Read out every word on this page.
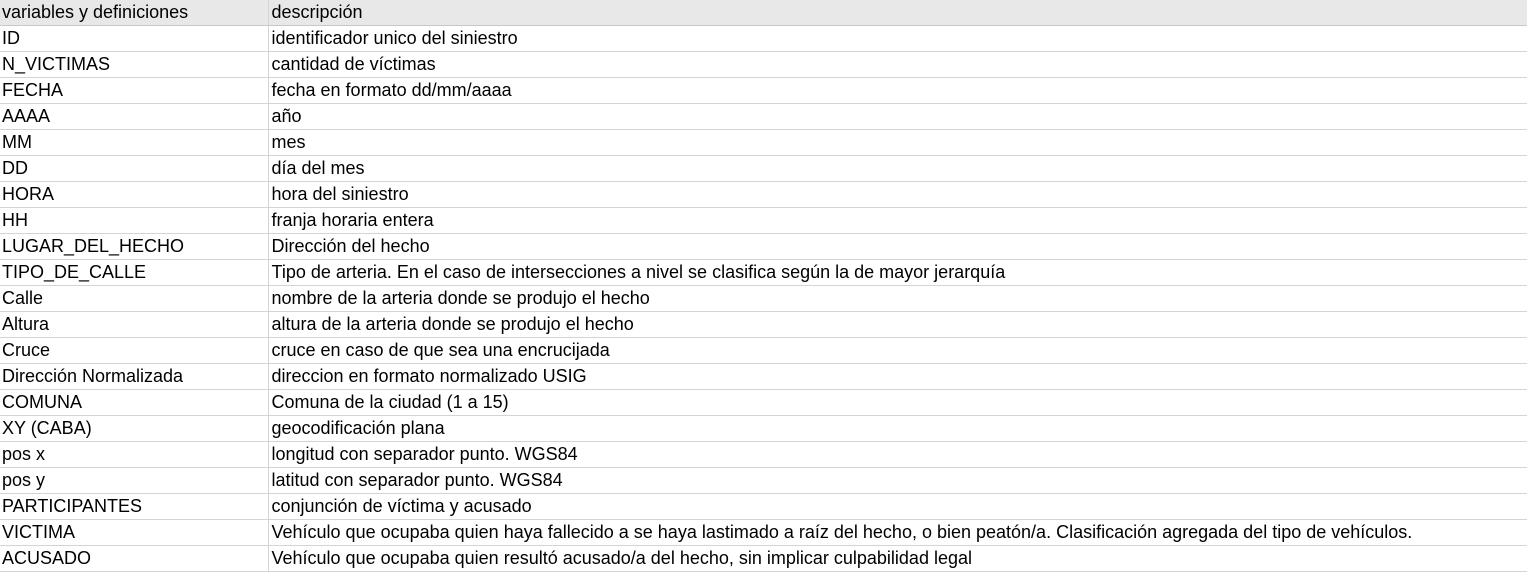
variables y definiciones	descripción
ID	identificador unico del siniestro
N_VICTIMAS	cantidad de víctimas
FECHA	fecha en formato dd/mm/aaaa
AAAA	año
MM	mes
DD	día del mes
HORA	hora del siniestro
HH	franja horaria entera
LUGAR_DEL_HECHO	Dirección del hecho
TIPO_DE_CALLE	Tipo de arteria. En el caso de intersecciones a nivel se clasifica según la de mayor jerarquía
Calle	nombre de la arteria donde se produjo el hecho
Altura	altura de la arteria donde se produjo el hecho
Cruce	cruce en caso de que sea una encrucijada
Dirección Normalizada	direccion en formato normalizado USIG
COMUNA	Comuna de la ciudad (1 a 15)
XY (CABA)	geocodificación plana
pos x	longitud con separador punto. WGS84
pos y	latitud con separador punto. WGS84
PARTICIPANTES	conjunción de víctima y acusado
VICTIMA	Vehículo que ocupaba quien haya fallecido a se haya lastimado a raíz del hecho, o bien peatón/a. Clasificación agregada del tipo de vehículos.
ACUSADO	Vehículo que ocupaba quien resultó acusado/a del hecho, sin implicar culpabilidad legal
